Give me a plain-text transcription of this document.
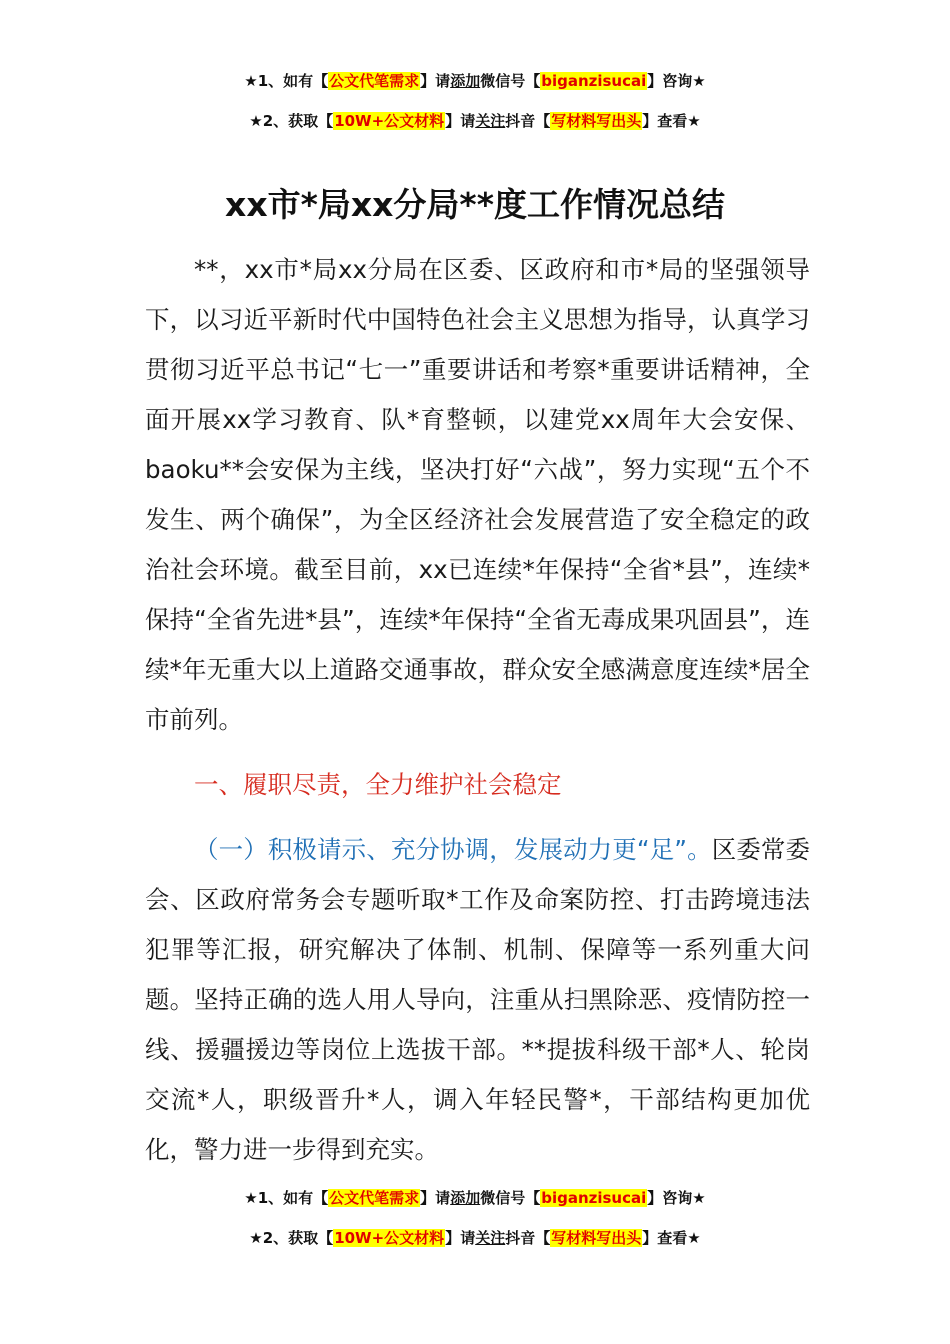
★1、如有【公文代笔需求】请添加微信号【biganzisucai】咨询★
★2、获取【10W+公文材料】请关注抖音【写材料写出头】查看★
xx市*局xx分局**度工作情况总结

**，xx市*局xx分局在区委、区政府和市*局的坚强领导下，以习近平新时代中国特色社会主义思想为指导，认真学习贯彻习近平总书记“七一”重要讲话和考察*重要讲话精神，全面开展xx学习教育、队*育整顿，以建党xx周年大会安保、baoku**会安保为主线，坚决打好“六战”，努力实现“五个不发生、两个确保”，为全区经济社会发展营造了安全稳定的政治社会环境。截至目前，xx已连续*年保持“全省*县”，连续*保持“全省先进*县”，连续*年保持“全省无毒成果巩固县”，连续*年无重大以上道路交通事故，群众安全感满意度连续*居全市前列。

一、履职尽责，全力维护社会稳定

（一）积极请示、充分协调，发展动力更“足”。区委常委会、区政府常务会专题听取*工作及命案防控、打击跨境违法犯罪等汇报，研究解决了体制、机制、保障等一系列重大问题。坚持正确的选人用人导向，注重从扫黑除恶、疫情防控一线、援疆援边等岗位上选拔干部。**提拔科级干部*人、轮岗交流*人，职级晋升*人，调入年轻民警*，干部结构更加优化，警力进一步得到充实。

★1、如有【公文代笔需求】请添加微信号【biganzisucai】咨询★
★2、获取【10W+公文材料】请关注抖音【写材料写出头】查看★
